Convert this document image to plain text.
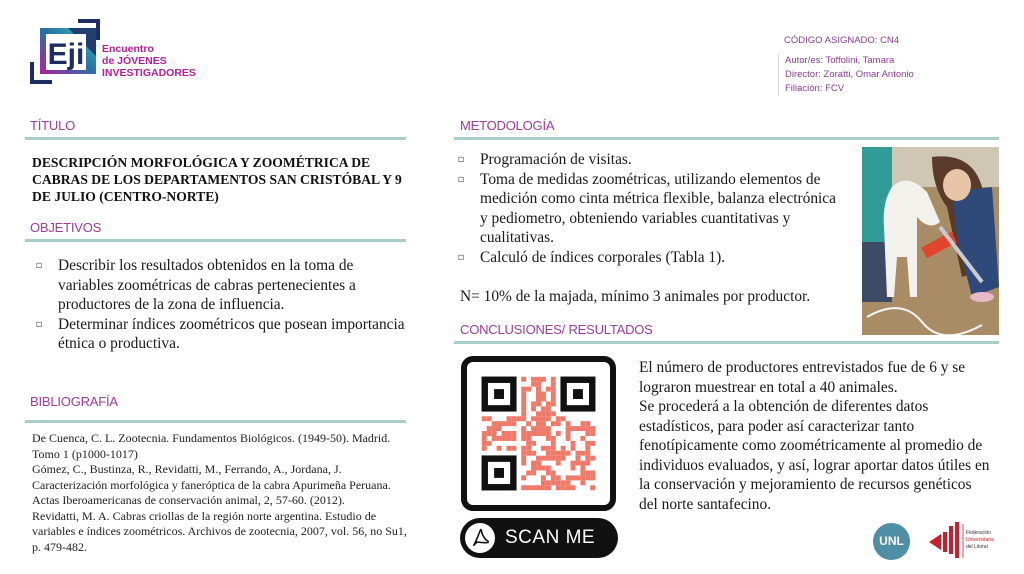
Eji Encuentro
de JÓVENES
INVESTIGADORES
CÓDIGO ASIGNADO: CN4
Autor/es: Toffolini, Tamara
Director: Zoratti, Omar Antonio
Filiación: FCV
TÍTULO
DESCRIPCIÓN MORFOLÓGICA Y ZOOMÉTRICA DE CABRAS DE LOS DEPARTAMENTOS SAN CRISTÓBAL Y 9 DE JULIO (CENTRO-NORTE)
OBJETIVOS
▫	Describir los resultados obtenidos en la toma de variables zoométricas de cabras pertenecientes a productores de la zona de influencia.
▫	Determinar índices zoométricos que posean importancia étnica o productiva.
BIBLIOGRAFÍA

De Cuenca, C. L. Zootecnia. Fundamentos Biológicos. (1949-50). Madrid. Tomo 1 (p1000-1017)

Gómez, C., Bustinza, R., Revidatti, M., Ferrando, A., Jordana, J. Caracterización morfológica y faneróptica de la cabra Apurimeña Peruana. Actas Iberoamericanas de conservación animal, 2, 57-60. (2012).

Revidatti, M. A. Cabras criollas de la región norte argentina. Estudio de variables e índices zoométricos. Archivos de zootecnia, 2007, vol. 56, no Su1, p. 479-482.

METODOLOGÍA
▫	Programación de visitas.
▫	Toma de medidas zoométricas, utilizando elementos de medición como cinta métrica flexible, balanza electrónica y pediometro, obteniendo variables cuantitativas y cualitativas.
▫	Calculó de índices corporales (Tabla 1).
N= 10% de la majada, mínimo 3 animales por productor.
CONCLUSIONES/ RESULTADOS
SCAN ME

El número de productores entrevistados fue de 6 y se lograron muestrear en total a 40 animales.

Se procederá a la obtención de diferentes datos estadísticos, para poder así caracterizar tanto fenotípicamente como zoométricamente al promedio de individuos evaluados, y así, lograr aportar datos útiles en la conservación y mejoramiento de recursos genéticos del norte santafecino.

UNL
Federación
Universitaria
del Litoral
